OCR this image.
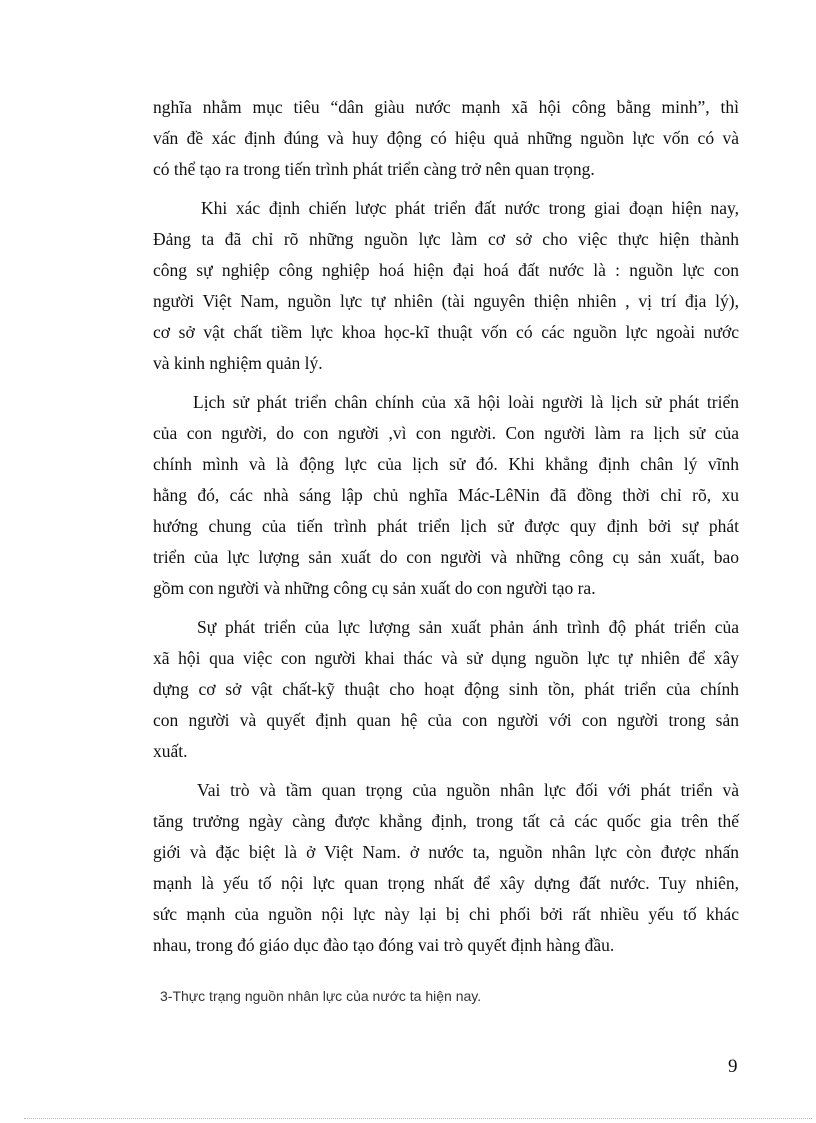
nghĩa nhằm mục tiêu “dân giàu nước mạnh xã hội công bằng minh”, thì
vấn đề xác định đúng và huy động có hiệu quả những nguồn lực vốn có và
có thể tạo ra trong tiến trình phát triển càng trở nên quan trọng.
Khi xác định chiến lược phát triển đất nước trong giai đoạn hiện nay,
Đảng ta đã chỉ rõ những nguồn lực làm cơ sở cho việc thực hiện thành
công sự nghiệp công nghiệp hoá hiện đại hoá đất nước là : nguồn lực con
người Việt Nam, nguồn lực tự nhiên (tài nguyên thiện nhiên , vị trí địa lý),
cơ sở vật chất tiềm lực khoa học-kĩ thuật vốn có các nguồn lực ngoài nước
và kinh nghiệm quản lý.
Lịch sử phát triển chân chính của xã hội loài người là lịch sử phát triển
của con người, do con người ,vì con người. Con người làm ra lịch sử của
chính mình và là động lực của lịch sử đó. Khi khẳng định chân lý vĩnh
hằng đó, các nhà sáng lập chủ nghĩa Mác-LêNin đã đồng thời chỉ rõ, xu
hướng chung của tiến trình phát triển lịch sử được quy định bởi sự phát
triển của lực lượng sản xuất do con người và những công cụ sản xuất, bao
gồm con người và những công cụ sản xuất do con người tạo ra.
Sự phát triển của lực lượng sản xuất phản ánh trình độ phát triển của
xã hội qua việc con người khai thác và sử dụng nguồn lực tự nhiên để xây
dựng cơ sở vật chất-kỹ thuật cho hoạt động sinh tồn, phát triển của chính
con người và quyết định quan hệ của con người với con người trong sản
xuất.
Vai trò và tầm quan trọng của nguồn nhân lực đối với phát triển và
tăng trưởng ngày càng được khẳng định, trong tất cả các quốc gia trên thế
giới và đặc biệt là ở Việt Nam. ở nước ta, nguồn nhân lực còn được nhấn
mạnh là yếu tố nội lực quan trọng nhất để xây dựng đất nước. Tuy nhiên,
sức mạnh của nguồn nội lực này lại bị chi phối bởi rất nhiều yếu tố khác
nhau, trong đó giáo dục đào tạo đóng vai trò quyết định hàng đầu.
3-Thực trạng nguồn nhân lực của nước ta hiện nay.
9
